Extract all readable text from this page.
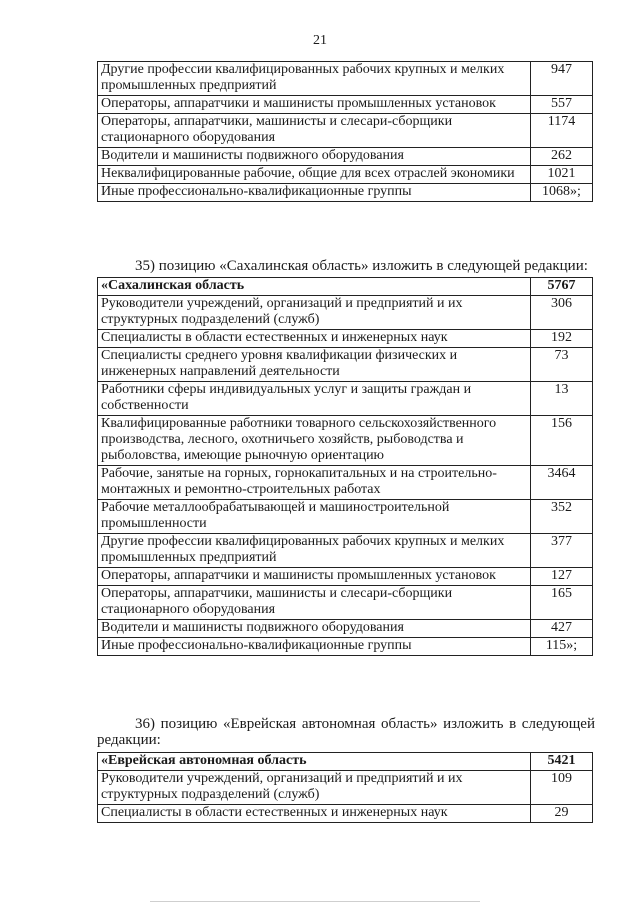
21
Другие профессии квалифицированных рабочих крупных и мелких промышленных предприятий	947
Операторы, аппаратчики и машинисты промышленных установок	557
Операторы, аппаратчики, машинисты и слесари-сборщики стационарного оборудования	1174
Водители и машинисты подвижного оборудования	262
Неквалифицированные рабочие, общие для всех отраслей экономики	1021
Иные профессионально-квалификационные группы	1068»;
35) позицию «Сахалинская область» изложить в следующей редакции:
«Сахалинская область	5767
Руководители учреждений, организаций и предприятий и их структурных подразделений (служб)	306
Специалисты в области естественных и инженерных наук	192
Специалисты среднего уровня квалификации физических и инженерных направлений деятельности	73
Работники сферы индивидуальных услуг и защиты граждан и собственности	13
Квалифицированные работники товарного сельскохозяйственного производства, лесного, охотничьего хозяйств, рыбоводства и рыболовства, имеющие рыночную ориентацию	156
Рабочие, занятые на горных, горнокапитальных и на строительно-монтажных и ремонтно-строительных работах	3464
Рабочие металлообрабатывающей и машиностроительной промышленности	352
Другие профессии квалифицированных рабочих крупных и мелких промышленных предприятий	377
Операторы, аппаратчики и машинисты промышленных установок	127
Операторы, аппаратчики, машинисты и слесари-сборщики стационарного оборудования	165
Водители и машинисты подвижного оборудования	427
Иные профессионально-квалификационные группы	115»;
36) позицию «Еврейская автономная область» изложить в следующей редакции:
«Еврейская автономная область	5421
Руководители учреждений, организаций и предприятий и их структурных подразделений (служб)	109
Специалисты в области естественных и инженерных наук	29
